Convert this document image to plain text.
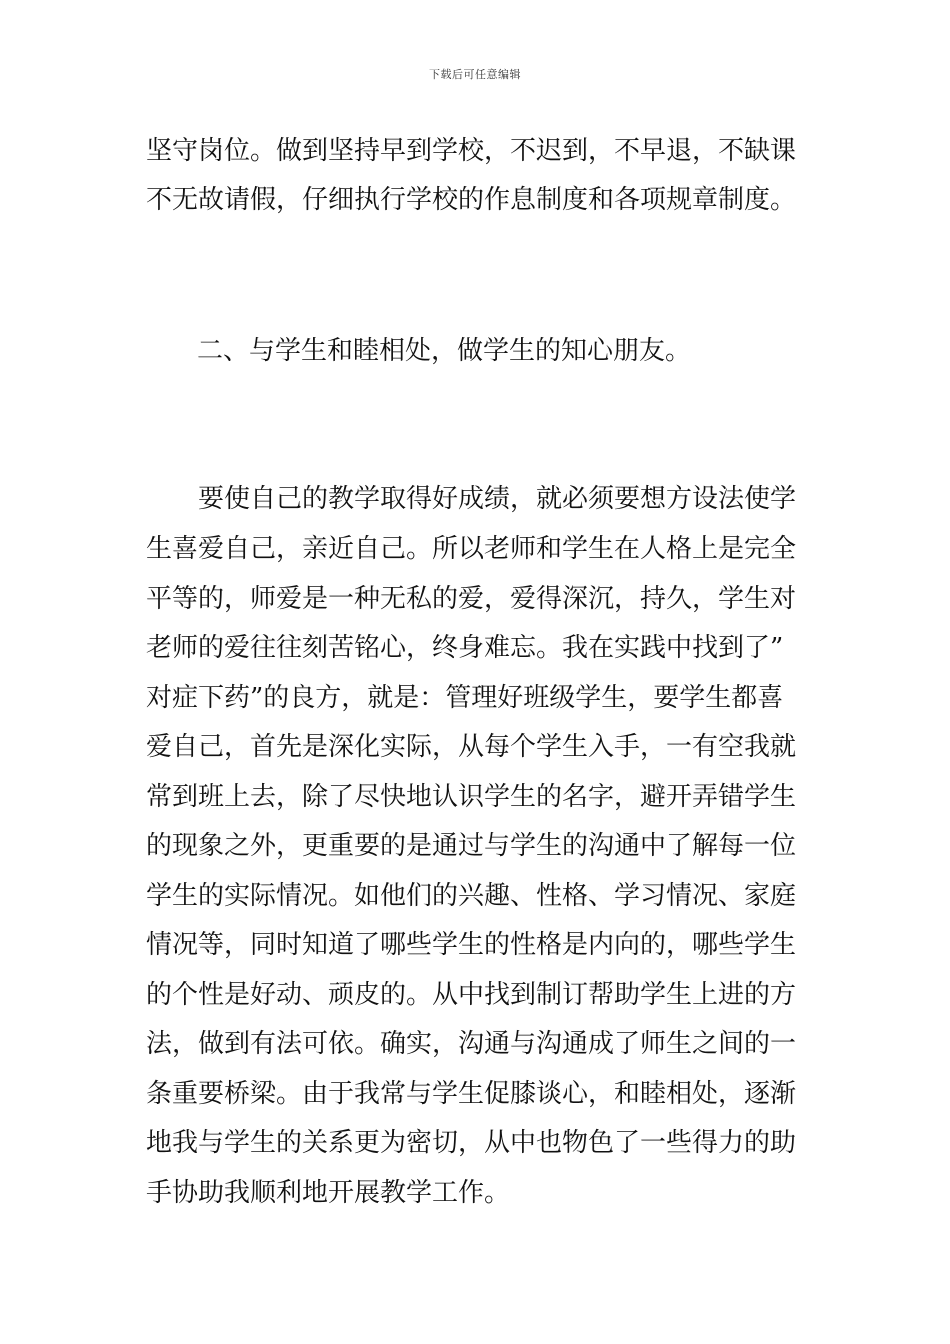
下载后可任意编辑
坚守岗位。做到坚持早到学校，不迟到，不早退，不缺课
不无故请假，仔细执行学校的作息制度和各项规章制度。
二、与学生和睦相处，做学生的知心朋友。
要使自己的教学取得好成绩，就必须要想方设法使学
生喜爱自己，亲近自己。所以老师和学生在人格上是完全
平等的，师爱是一种无私的爱，爱得深沉，持久，学生对
老师的爱往往刻苦铭心，终身难忘。我在实践中找到了”
对症下药”的良方，就是：管理好班级学生，要学生都喜
爱自己，首先是深化实际，从每个学生入手，一有空我就
常到班上去，除了尽快地认识学生的名字，避开弄错学生
的现象之外，更重要的是通过与学生的沟通中了解每一位
学生的实际情况。如他们的兴趣、性格、学习情况、家庭
情况等，同时知道了哪些学生的性格是内向的，哪些学生
的个性是好动、顽皮的。从中找到制订帮助学生上进的方
法，做到有法可依。确实，沟通与沟通成了师生之间的一
条重要桥梁。由于我常与学生促膝谈心，和睦相处，逐渐
地我与学生的关系更为密切，从中也物色了一些得力的助
手协助我顺利地开展教学工作。
